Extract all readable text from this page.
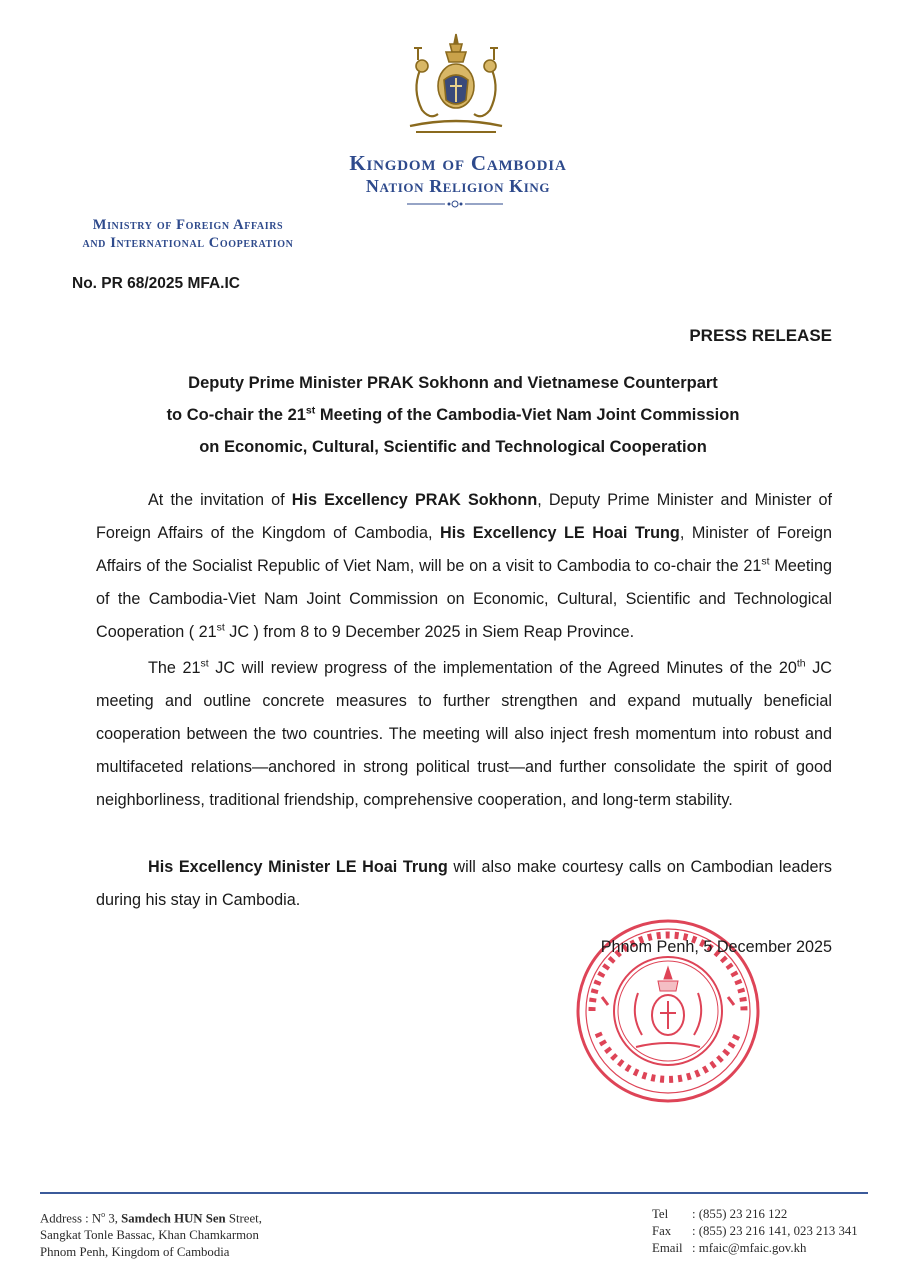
Kingdom of Cambodia
Nation Religion King
Ministry of Foreign Affairs
and International Cooperation
No. PR 68/2025 MFA.IC
PRESS RELEASE
Deputy Prime Minister PRAK Sokhonn and Vietnamese Counterpart
to Co-chair the 21st Meeting of the Cambodia-Viet Nam Joint Commission
on Economic, Cultural, Scientific and Technological Cooperation
At the invitation of His Excellency PRAK Sokhonn, Deputy Prime Minister and Minister of Foreign Affairs of the Kingdom of Cambodia, His Excellency LE Hoai Trung, Minister of Foreign Affairs of the Socialist Republic of Viet Nam, will be on a visit to Cambodia to co-chair the 21st Meeting of the Cambodia-Viet Nam Joint Commission on Economic, Cultural, Scientific and Technological Cooperation ( 21st JC ) from 8 to 9 December 2025 in Siem Reap Province.
The 21st JC will review progress of the implementation of the Agreed Minutes of the 20th JC meeting and outline concrete measures to further strengthen and expand mutually beneficial cooperation between the two countries. The meeting will also inject fresh momentum into robust and multifaceted relations—anchored in strong political trust—and further consolidate the spirit of good neighborliness, traditional friendship, comprehensive cooperation, and long-term stability.
His Excellency Minister LE Hoai Trung will also make courtesy calls on Cambodian leaders during his stay in Cambodia.
Phnom Penh, 5 December 2025
Address : $N^o$ 3, Samdech HUN Sen Street,
Sangkat Tonle Bassac, Khan Chamkarmon
Phnom Penh, Kingdom of Cambodia
Tel : (855) 23 216 122
Fax : (855) 23 216 141, 023 213 341
Email : mfaic@mfaic.gov.kh
